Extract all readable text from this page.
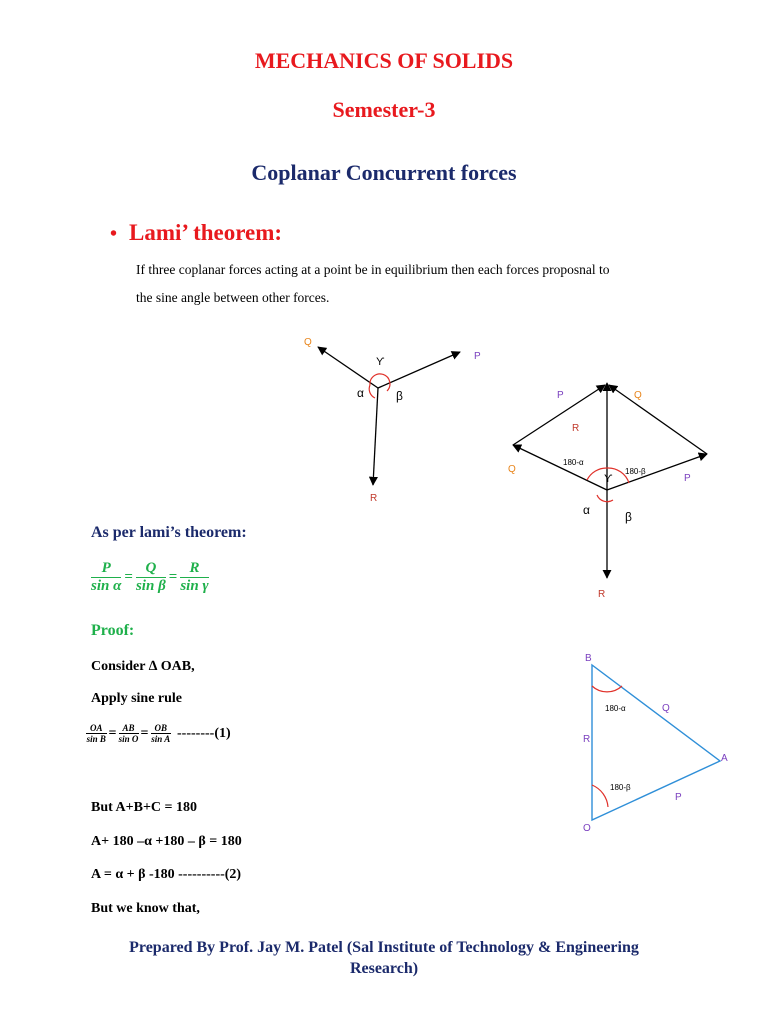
MECHANICS OF SOLIDS
Semester-3
Coplanar Concurrent forces
• Lami’ theorem:
If three coplanar forces acting at a point be in equilibrium then each forces proposnal to
the sine angle between other forces.
Q
P
R
α	β
ϒ
P	Q
R
Q
P
180-α
180-β
ϒ
α	β
R
As per lami’s theorem:
$\frac{P}{\text{sin α}} = \frac{Q}{\text{sin β}} = \frac{R}{\text{sin γ}}$
Proof:
Consider ∆ OAB,
Apply sine rule
$\frac{OA}{\text{sin B}} = \frac{AB}{\text{sin O}} = \frac{OB}{\text{sin A}} --------(1)$
But A+B+C = 180
A+ 180 –α +180 – β = 180
A = α + β -180 ----------(2)
But we know that,
B
Q
R
A
P
O
180-α
180-β
Prepared By Prof. Jay M. Patel (Sal Institute of Technology & Engineering
Research)
